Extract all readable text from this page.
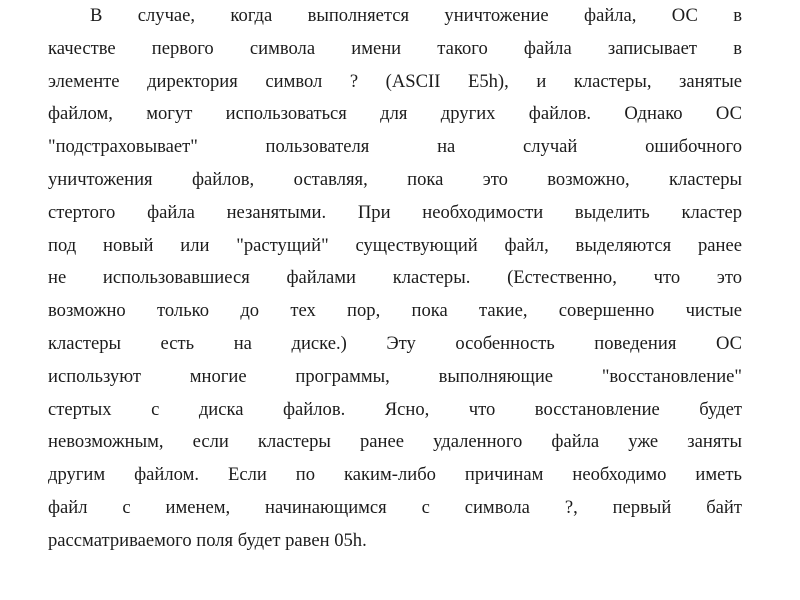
В случае, когда выполняется уничтожение файла, ОС в
качестве первого символа имени такого файла записывает в
элементе директория символ ? (ASCII E5h), и кластеры, занятые
файлом, могут использоваться для других файлов. Однако ОС
"подстраховывает" пользователя на случай ошибочного
уничтожения файлов, оставляя, пока это возможно, кластеры
стертого файла незанятыми. При необходимости выделить кластер
под новый или "растущий" существующий файл, выделяются ранее
не использовавшиеся файлами кластеры. (Естественно, что это
возможно только до тех пор, пока такие, совершенно чистые
кластеры есть на диске.) Эту особенность поведения ОС
используют многие программы, выполняющие "восстановление"
стертых с диска файлов. Ясно, что восстановление будет
невозможным, если кластеры ранее удаленного файла уже заняты
другим файлом. Если по каким-либо причинам необходимо иметь
файл с именем, начинающимся с символа ?, первый байт
рассматриваемого поля будет равен 05h.
